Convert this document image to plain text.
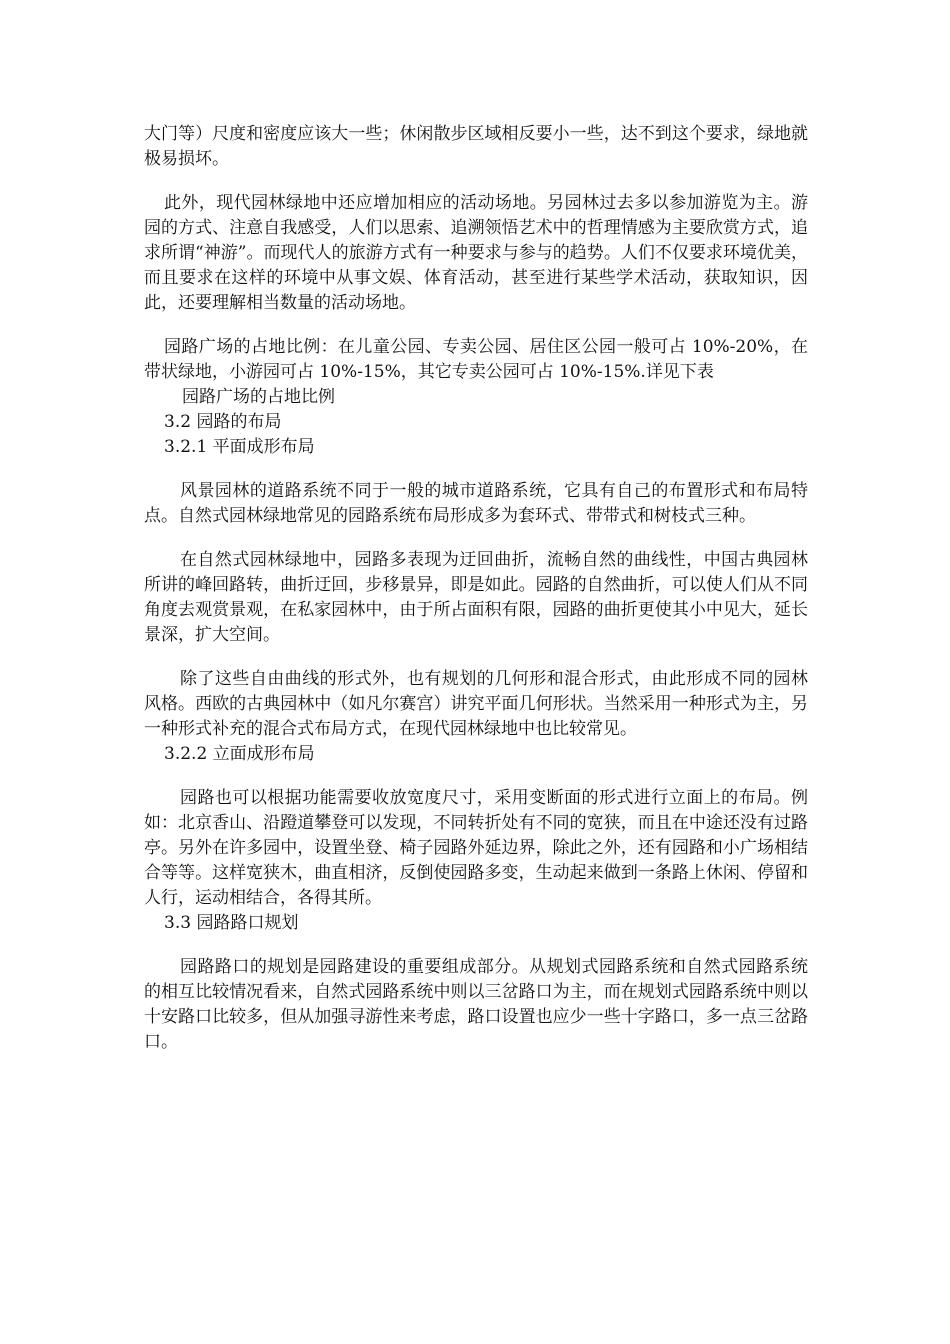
大门等）尺度和密度应该大一些；休闲散步区域相反要小一些，达不到这个要求，绿地就极易损坏。

此外，现代园林绿地中还应增加相应的活动场地。另园林过去多以参加游览为主。游园的方式、注意自我感受，人们以思索、追溯领悟艺术中的哲理情感为主要欣赏方式，追求所谓“神游”。而现代人的旅游方式有一种要求与参与的趋势。人们不仅要求环境优美，而且要求在这样的环境中从事文娱、体育活动，甚至进行某些学术活动，获取知识，因此，还要理解相当数量的活动场地。

园路广场的占地比例：在儿童公园、专卖公园、居住区公园一般可占 10%-20%，在带状绿地，小游园可占 10%-15%，其它专卖公园可占 10%-15%.详见下表

园路广场的占地比例

3.2 园路的布局

3.2.1 平面成形布局

风景园林的道路系统不同于一般的城市道路系统，它具有自己的布置形式和布局特点。自然式园林绿地常见的园路系统布局形成多为套环式、带带式和树枝式三种。

在自然式园林绿地中，园路多表现为迂回曲折，流畅自然的曲线性，中国古典园林所讲的峰回路转，曲折迂回，步移景异，即是如此。园路的自然曲折，可以使人们从不同角度去观赏景观，在私家园林中，由于所占面积有限，园路的曲折更使其小中见大，延长景深，扩大空间。

除了这些自由曲线的形式外，也有规划的几何形和混合形式，由此形成不同的园林风格。西欧的古典园林中（如凡尔赛宫）讲究平面几何形状。当然采用一种形式为主，另一种形式补充的混合式布局方式，在现代园林绿地中也比较常见。

3.2.2 立面成形布局

园路也可以根据功能需要收放宽度尺寸，采用变断面的形式进行立面上的布局。例如：北京香山、沿蹬道攀登可以发现，不同转折处有不同的宽狭，而且在中途还没有过路亭。另外在许多园中，设置坐登、椅子园路外延边界，除此之外，还有园路和小广场相结合等等。这样宽狭木，曲直相济，反倒使园路多变，生动起来做到一条路上休闲、停留和人行，运动相结合，各得其所。

3.3 园路路口规划

园路路口的规划是园路建设的重要组成部分。从规划式园路系统和自然式园路系统的相互比较情况看来，自然式园路系统中则以三岔路口为主，而在规划式园路系统中则以十安路口比较多，但从加强寻游性来考虑，路口设置也应少一些十字路口，多一点三岔路口。
